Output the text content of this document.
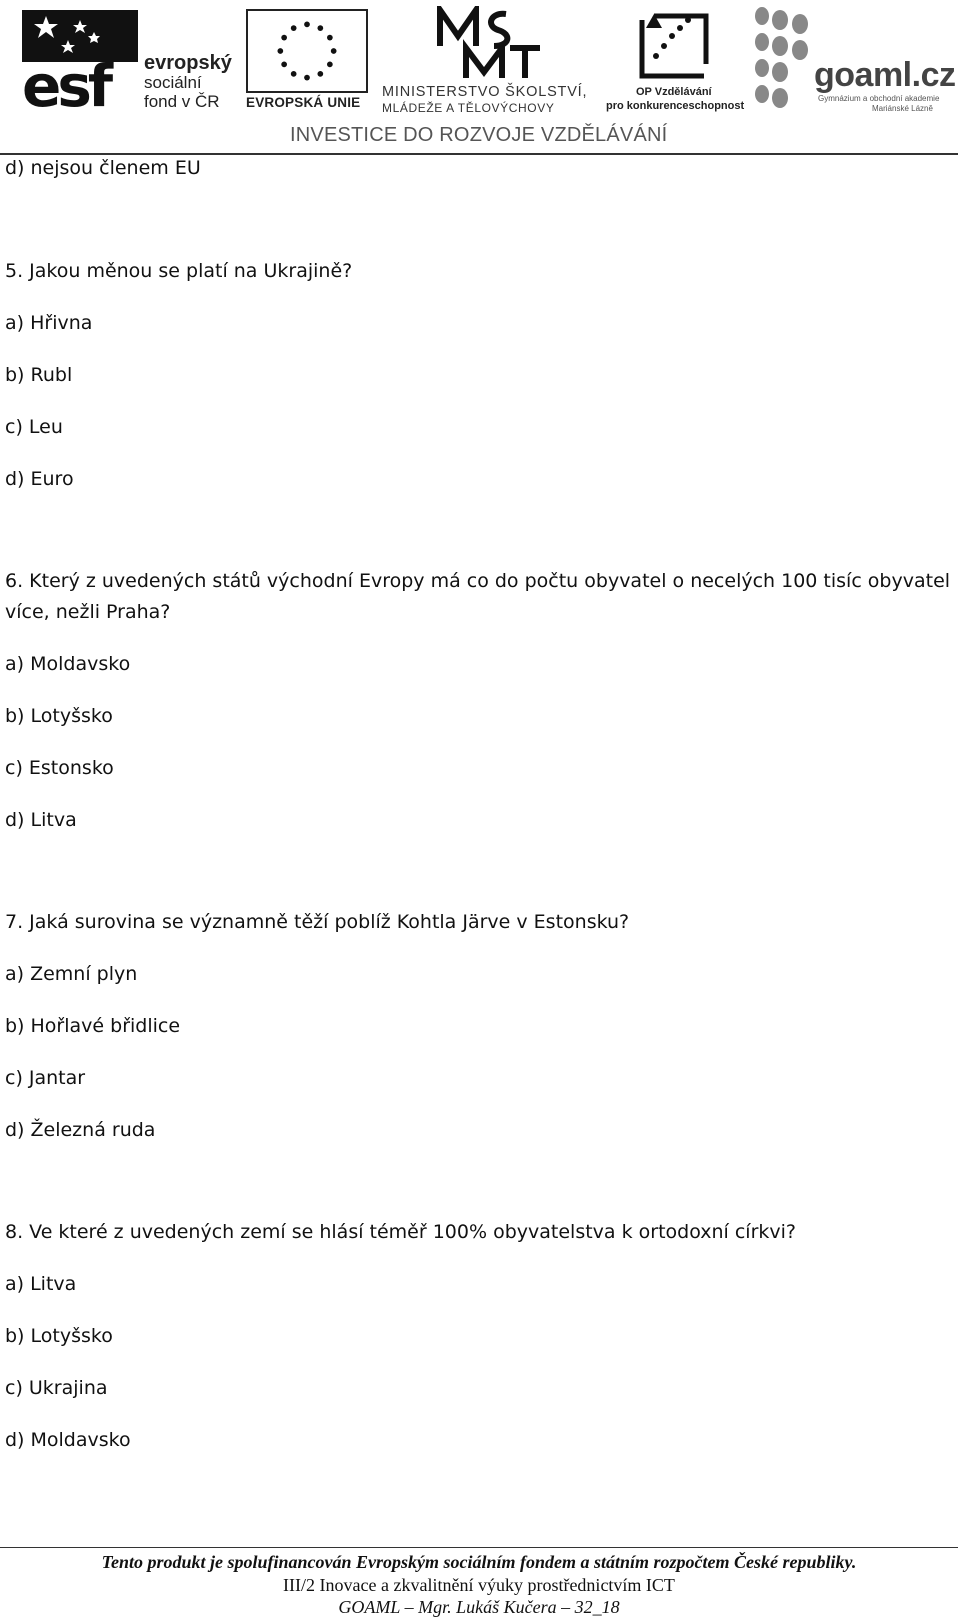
esf evropský
sociální
fond v ČR	EVROPSKÁ UNIE
MINISTERSTVO ŠKOLSTVÍ,
MLÁDEŽE A TĚLOVÝCHOVY
OP Vzdělávání
pro konkurenceschopnost
goaml.cz
Gymnázium a obchodní akademie
Mariánské Lázně
INVESTICE DO ROZVOJE VZDĚLÁVÁNÍ
d) nejsou členem EU
5. Jakou měnou se platí na Ukrajině?
a) Hřivna
b) Rubl
c) Leu
d) Euro
6. Který z uvedených států východní Evropy má co do počtu obyvatel o necelých 100 tisíc obyvatel
více, nežli Praha?
a) Moldavsko
b) Lotyšsko
c) Estonsko
d) Litva
7. Jaká surovina se významně těží poblíž Kohtla Järve v Estonsku?
a) Zemní plyn
b) Hořlavé břidlice
c) Jantar
d) Železná ruda
8. Ve které z uvedených zemí se hlásí téměř 100% obyvatelstva k ortodoxní církvi?
a) Litva
b) Lotyšsko
c) Ukrajina
d) Moldavsko
Tento produkt je spolufinancován Evropským sociálním fondem a státním rozpočtem České republiky.
III/2 Inovace a zkvalitnění výuky prostřednictvím ICT
GOAML – Mgr. Lukáš Kučera – 32_18
